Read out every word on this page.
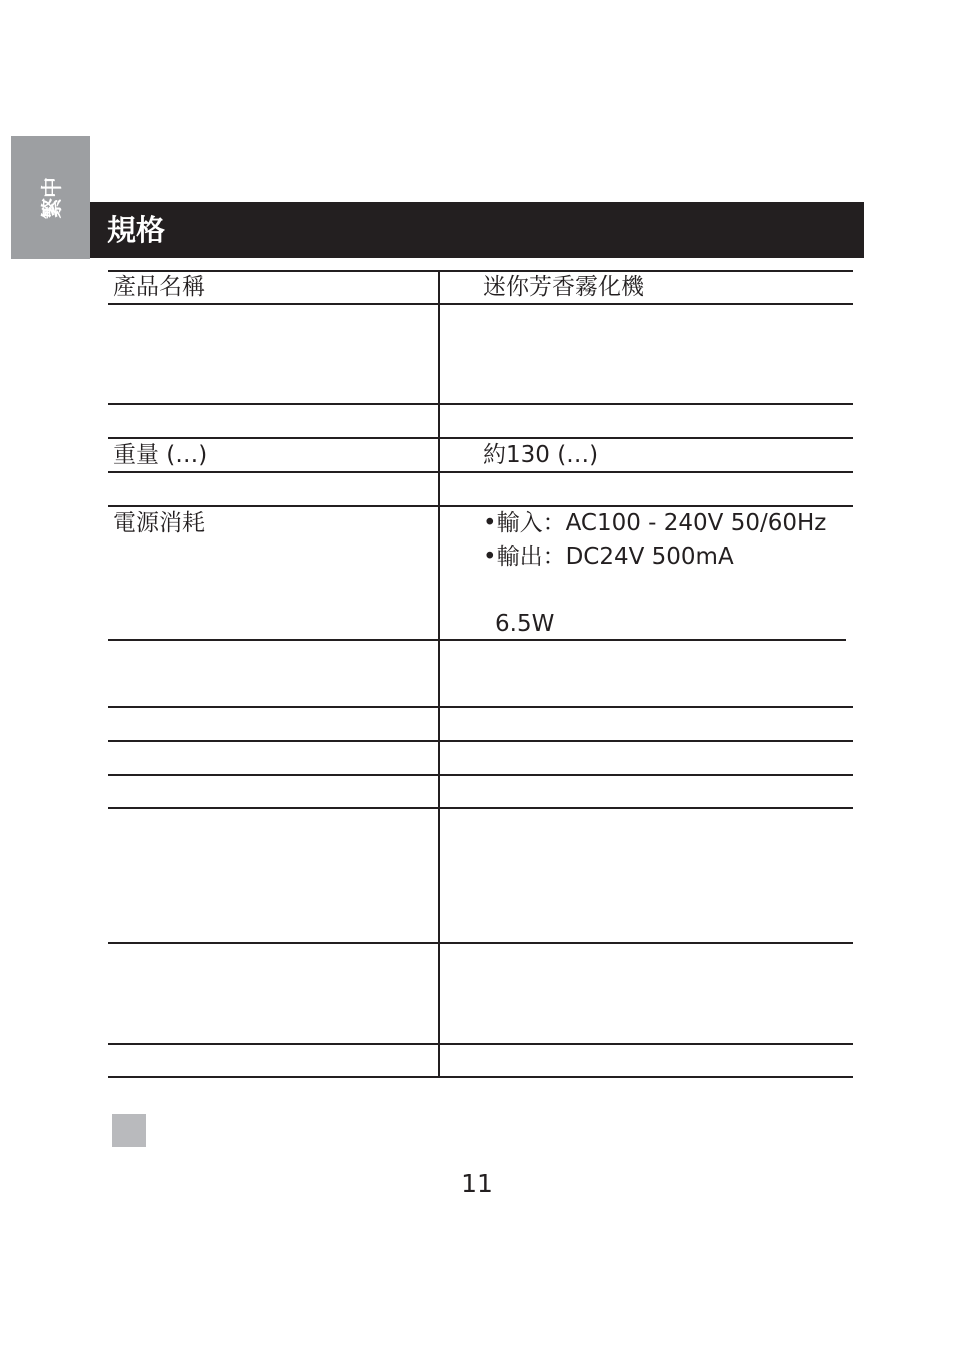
繁中
規格
產品名稱	迷你芳香霧化機
重量 (…)	約130 (…)
電源消耗	•輸入：AC100 - 240V 50/60Hz
•輸出：DC24V 500mA
6.5W
11
